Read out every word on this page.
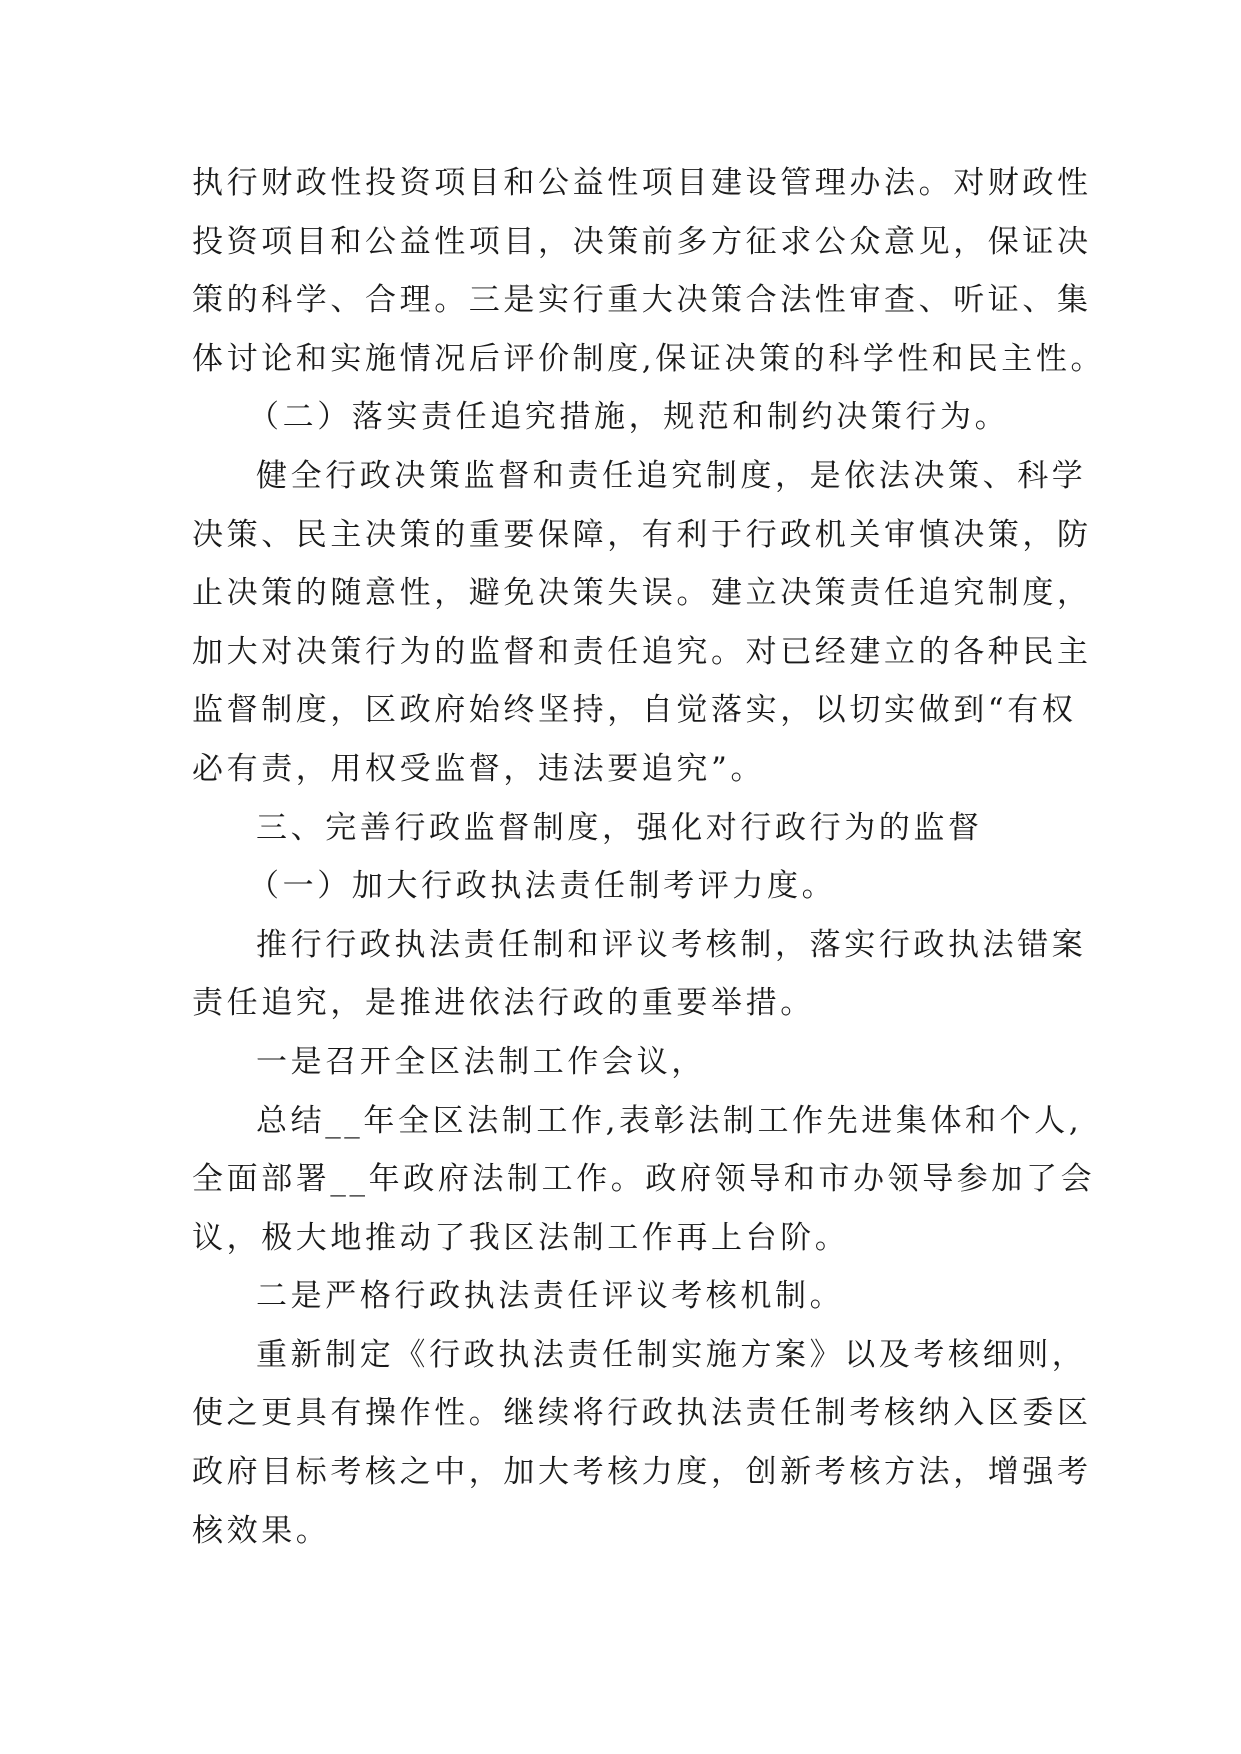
执行财政性投资项目和公益性项目建设管理办法。对财政性
投资项目和公益性项目，决策前多方征求公众意见，保证决
策的科学、合理。三是实行重大决策合法性审查、听证、集
体讨论和实施情况后评价制度,保证决策的科学性和民主性。
（二）落实责任追究措施，规范和制约决策行为。
健全行政决策监督和责任追究制度，是依法决策、科学
决策、民主决策的重要保障，有利于行政机关审慎决策，防
止决策的随意性，避免决策失误。建立决策责任追究制度，
加大对决策行为的监督和责任追究。对已经建立的各种民主
监督制度，区政府始终坚持，自觉落实，以切实做到“有权
必有责，用权受监督，违法要追究”。
三、完善行政监督制度，强化对行政行为的监督
（一）加大行政执法责任制考评力度。
推行行政执法责任制和评议考核制，落实行政执法错案
责任追究，是推进依法行政的重要举措。
一是召开全区法制工作会议，
总结__年全区法制工作,表彰法制工作先进集体和个人,
全面部署__年政府法制工作。政府领导和市办领导参加了会
议，极大地推动了我区法制工作再上台阶。
二是严格行政执法责任评议考核机制。
重新制定《行政执法责任制实施方案》以及考核细则，
使之更具有操作性。继续将行政执法责任制考核纳入区委区
政府目标考核之中，加大考核力度，创新考核方法，增强考
核效果。
